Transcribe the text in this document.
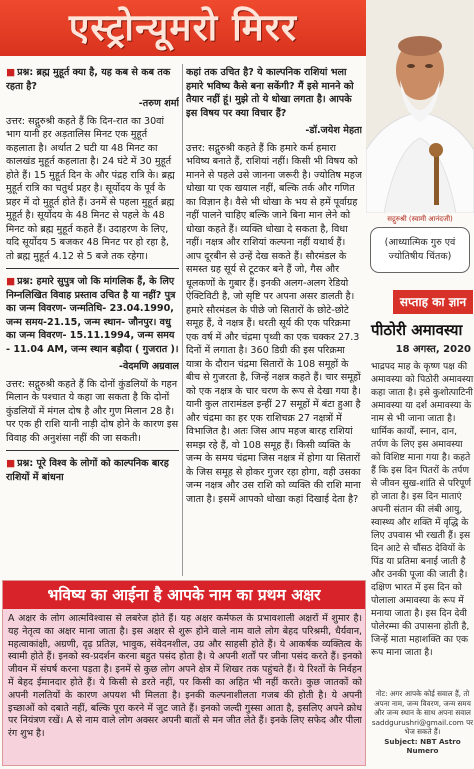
एस्ट्रोन्यूमरो मिरर
सद्गुरुश्री (स्वामी आनंदजी)
(आध्यात्मिक गुरु एवं ज्योतिषीय चिंतक)

■ प्रश्न: ब्रह्म मुहूर्त क्या है, यह कब से कब तक रहता है?

-तरुण शर्मा

उत्तर: सद्गुरुश्री कहते हैं कि दिन-रात का 30वां भाग यानी हर अड़तालिस मिनट एक मुहूर्त कहलाता है। अर्थात 2 घटी या 48 मिनट का कालखंड मुहूर्त कहलाता है। 24 घंटे में 30 मुहूर्त होते हैं। 15 मुहूर्त दिन के और पंद्रह रात्रि के। ब्रह्म मुहूर्त रात्रि का चतुर्थ प्रहर है। सूर्योदय के पूर्व के प्रहर में दो मुहूर्त होते हैं। उनमें से पहला मुहूर्त ब्रह्म मुहूर्त है। सूर्योदय के 48 मिनट से पहले के 48 मिनट को ब्रह्म मुहूर्त कहते हैं। उदाहरण के लिए, यदि सूर्योदय 5 बजकर 48 मिनट पर हो रहा है, तो ब्रह्म मुहूर्त 4.12 से 5 बजे तक रहेगा।

■ प्रश्न: हमारे सुपुत्र जो कि मांगलिक हैं, के लिए निम्नलिखित विवाह प्रस्ताव उचित है या नहीं? पुत्र का जन्म विवरण- जन्मतिथि- 23.04.1990, जन्म समय-21.15, जन्म स्थान- जौनपुर। वधु का जन्म विवरण- 15.11.1994, जन्म समय - 11.04 AM, जन्म स्थान बड़ौदा ( गुजरात )।

-वेदमणि अग्रवाल

उत्तर: सद्गुरुश्री कहते हैं कि दोनों कुंडलियों के गहन मिलान के पश्चात ये कहा जा सकता है कि दोनों कुंडलियों में मंगल दोष है और गुण मिलान 28 है। पर एक ही राशि यानी नाड़ी दोष होने के कारण इस विवाह की अनुशंसा नहीं की जा सकती।

■ प्रश्न: पूरे विश्व के लोगों को काल्पनिक बारह राशियों में बांधना

कहां तक उचित है? ये काल्पनिक राशियां भला हमारे भविष्य कैसे बना सकेंगी? मैं इसे मानने को तैयार नहीं हूं। मुझे तो ये धोखा लगता है। आपके इस विषय पर क्या विचार हैं?

-डॉ.जयेश मेहता

उत्तर: सद्गुरुश्री कहते हैं कि हमारे कर्म हमारा भविष्य बनाते हैं, राशियां नहीं। किसी भी विषय को मानने से पहले उसे जानना जरूरी है। ज्योतिष महज धोखा या एक खयाल नहीं, बल्कि तर्क और गणित का विज्ञान है। वैसे भी धोखा के भय से हमें पूर्वाग्रह नहीं पालने चाहिए बल्कि जाने बिना मान लेने को धोखा कहते हैं। व्यक्ति धोखा दे सकता है, विधा नहीं। नक्षत्र और राशियां कल्पना नहीं यथार्थ हैं। आप दूरबीन से उन्हें देख सकते हैं। सौरमंडल के समस्त ग्रह सूर्य से टूटकर बने हैं जो, गैस और धूलकणों के गुबार हैं। इनकी अलग-अलग रेडियो ऐक्टिविटी है, जो सृष्टि पर अपना असर डालती है। हमारे सौरमंडल के पीछे जो सितारों के छोटे-छोटे समूह हैं, वे नक्षत्र हैं। धरती सूर्य की एक परिक्रमा एक वर्ष में और चंद्रमा पृथ्वी का एक चक्कर 27.3 दिनों में लगाता है। 360 डिग्री की इस परिक्रमा यात्रा के दौरान चंद्रमा सितारों के 108 समूहों के बीच से गुजरता है, जिन्हें नक्षत्र कहते हैं। चार समूहों को एक नक्षत्र के चार चरण के रूप से देखा गया है। यानी कुल तारामंडल इन्हीं 27 समूहों में बंटा हुआ है और चंद्रमा का हर एक राशिचक्र 27 नक्षत्रों में विभाजित है। अतः जिस आप महज बारह राशियां समझ रहे हैं, वो 108 समूह हैं। किसी व्यक्ति के जन्म के समय चंद्रमा जिस नक्षत्र में होगा या सितारों के जिस समूह से होकर गुजर रहा होगा, वही उसका जन्म नक्षत्र और उस राशि को व्यक्ति की राशि माना जाता है। इसमें आपको धोखा कहां दिखाई देता है?

सप्ताह का ज्ञान
पीठोरी अमावस्या
18 अगस्त, 2020

भाद्रपद माह के कृष्ण पक्ष की अमावस्या को पिठोरी अमावस्या कहा जाता है। इसे कुशोत्पाटिनी अमावस्या या दर्श अमावस्या के नाम से भी जाना जाता है। धार्मिक कार्यों, स्नान, दान, तर्पण के लिए इस अमावस्या को विशिष्ट माना गया है। कहते हैं कि इस दिन पितरों के तर्पण से जीवन सुख-शांति से परिपूर्ण हो जाता है। इस दिन माताएं अपनी संतान की लंबी आयु, स्वास्थ्य और शक्ति में वृद्धि के लिए उपवास भी रखती हैं। इस दिन आटे से चौंसठ देवियों के पिंड या प्रतिमा बनाई जाती है और उनकी पूजा की जाती है। दक्षिण भारत में इस दिन को पोलाला अमावस्या के रूप में मनाया जाता है। इस दिन देवी पोलेरम्मा की उपासना होती है, जिन्हें माता महाशक्ति का एक रूप माना जाता है।

नोट: अगर आपके कोई सवाल हैं, तो अपना नाम, जन्म विवरण, जन्म समय और जन्म स्थान के साथ अपना सवाल saddgurushri@gmail.com पर भेज सकते हैं।
Subject: NBT Astro Numero
भविष्य का आईना है आपके नाम का प्रथम अक्षर
A अक्षर के लोग आत्मविश्वास से लबरेज होते हैं। यह अक्षर कर्मफल के प्रभावशाली अक्षरों में शुमार है। यह नेतृत्व का अक्षर माना जाता है। इस अक्षर से शुरू होने वाले नाम वाले लोग बेहद परिश्रमी, धैर्यवान, महत्वाकांक्षी, अग्रणी, दृढ़ प्रतिज्ञ, भावुक, संवेदनशील, उग्र और साहसी होते हैं। ये आकर्षक व्यक्तित्व के स्वामी होते हैं। इनको स्व-प्रदर्शन करना बहुत पसंद होता है। ये अपनी शर्तों पर जीना पसंद करते हैं। इनको जीवन में संघर्ष करना पड़ता है। इनमें से कुछ लोग अपने क्षेत्र में शिखर तक पहुंचते हैं। ये रिश्तों के निर्वहन में बेहद ईमानदार होते हैं। ये किसी से डरते नहीं, पर किसी का अहित भी नहीं करते। कुछ जातकों को अपनी गलतियों के कारण अपयश भी मिलता है। इनकी कल्पनाशीलता गजब की होती है। ये अपनी इच्छाओं को दबाते नहीं, बल्कि पूरा करने में जुट जाते हैं। इनको जल्दी गुस्सा आता है, इसलिए अपने क्रोध पर नियंत्रण रखें। A से नाम वाले लोग अक्सर अपनी बातों से मन जीत लेते हैं। इनके लिए सफेद और पीला रंग शुभ है।
